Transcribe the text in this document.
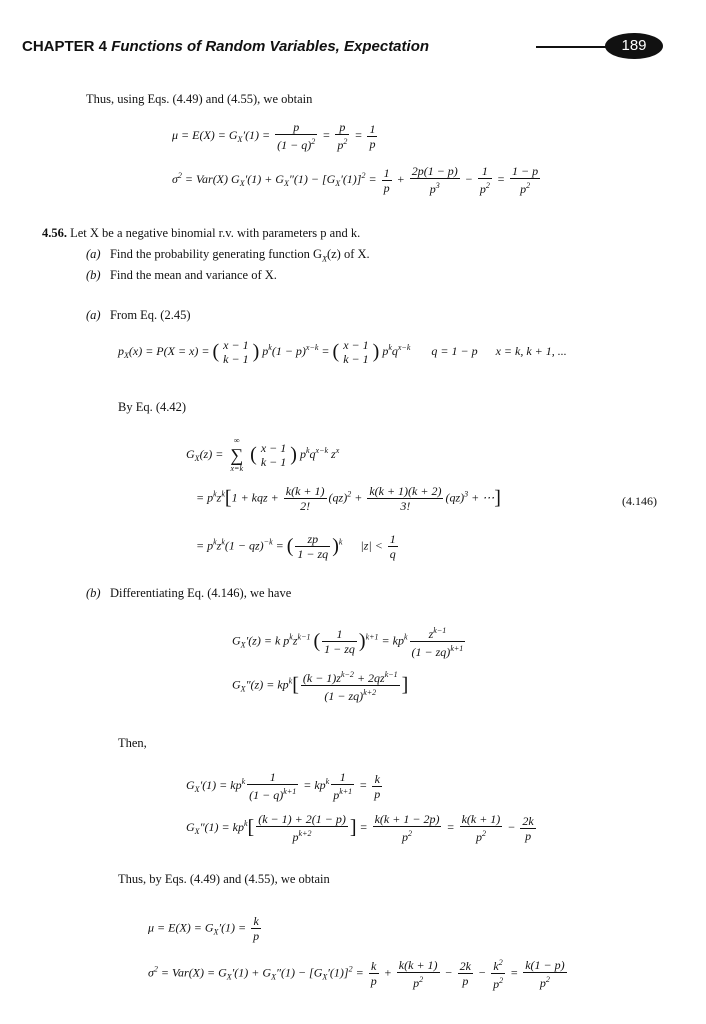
CHAPTER 4 Functions of Random Variables, Expectation	189
Thus, using Eqs. (4.49) and (4.55), we obtain
$\mu = E(X) = G_X'(1) = \frac{p}{(1 - q)^2} = \frac{p}{p^2} = \frac{1}{p}$
$\sigma^2 = Var(X) G_X'(1) + G_X''(1) - [G_X'(1)]^2 = \frac{1}{p} + \frac{2p(1 - p)}{p^3} - \frac{1}{p^2} = \frac{1 - p}{p^2}$
4.56. Let X be a negative binomial r.v. with parameters p and k.
(a) Find the probability generating function $G_X(z)$ of X.
(b) Find the mean and variance of X.
(a) From Eq. (2.45)
$p_X(x) = P(X = x)$ = ( x − 1
k − 1 ) $p^k(1 - p)^{x-k}$ = ( x − 1
k − 1 ) $p^kq^{x-k}$       q = 1 − p      x = k, k + 1, ...
By Eq. (4.42)
$G_X(z)$ =
∞
∑
x=k
( x − 1
k − 1 ) $p^kq^{x-k}$ $z^x$
= $p^kz^k[1$ + kqz + $\frac{k(k + 1)}{2!} (qz)^2 + \frac{k(k + 1)(k + 2)}{3!} (qz)^3$ + ⋯]	(4.146)
= $p^kz^k(1 - qz)^{-k}$ = ( $\frac{zp}{1 - zq} )^k$      $|z| < \frac{1}{q}$
(b) Differentiating Eq. (4.146), we have
$G_X'(z) = k$ $p^kz^{k-1}$ ( $\frac{1}{1 - zq} )^{k+1} = kp^k \frac{z^{k-1}}{(1 - zq)^{k+1}}$
$G_X''(z) = kp^k[ \frac{(k - 1)z^{k-2} + 2qz^{k-1}}{(1 - zq)^{k+2}}$ ]
Then,
$G_X'(1) = kp^k \frac{1}{(1 - q)^{k+1}} = kp^k \frac{1}{p^{k+1}} = \frac{k}{p}$
$G_X''(1) = kp^k[ \frac{(k - 1) + 2(1 - p)}{p^{k+2}}$ ] = $\frac{k(k + 1 - 2p)}{p^2} = \frac{k(k + 1)}{p^2} - \frac{2k}{p}$
Thus, by Eqs. (4.49) and (4.55), we obtain
$\mu = E(X) = G_X'(1) = \frac{k}{p}$
$\sigma^2 = Var(X) = G_X'(1) + G_X''(1) - [G_X'(1)]^2 = \frac{k}{p} + \frac{k(k + 1)}{p^2} - \frac{2k}{p} - \frac{k^2}{p^2} = \frac{k(1 - p)}{p^2}$
